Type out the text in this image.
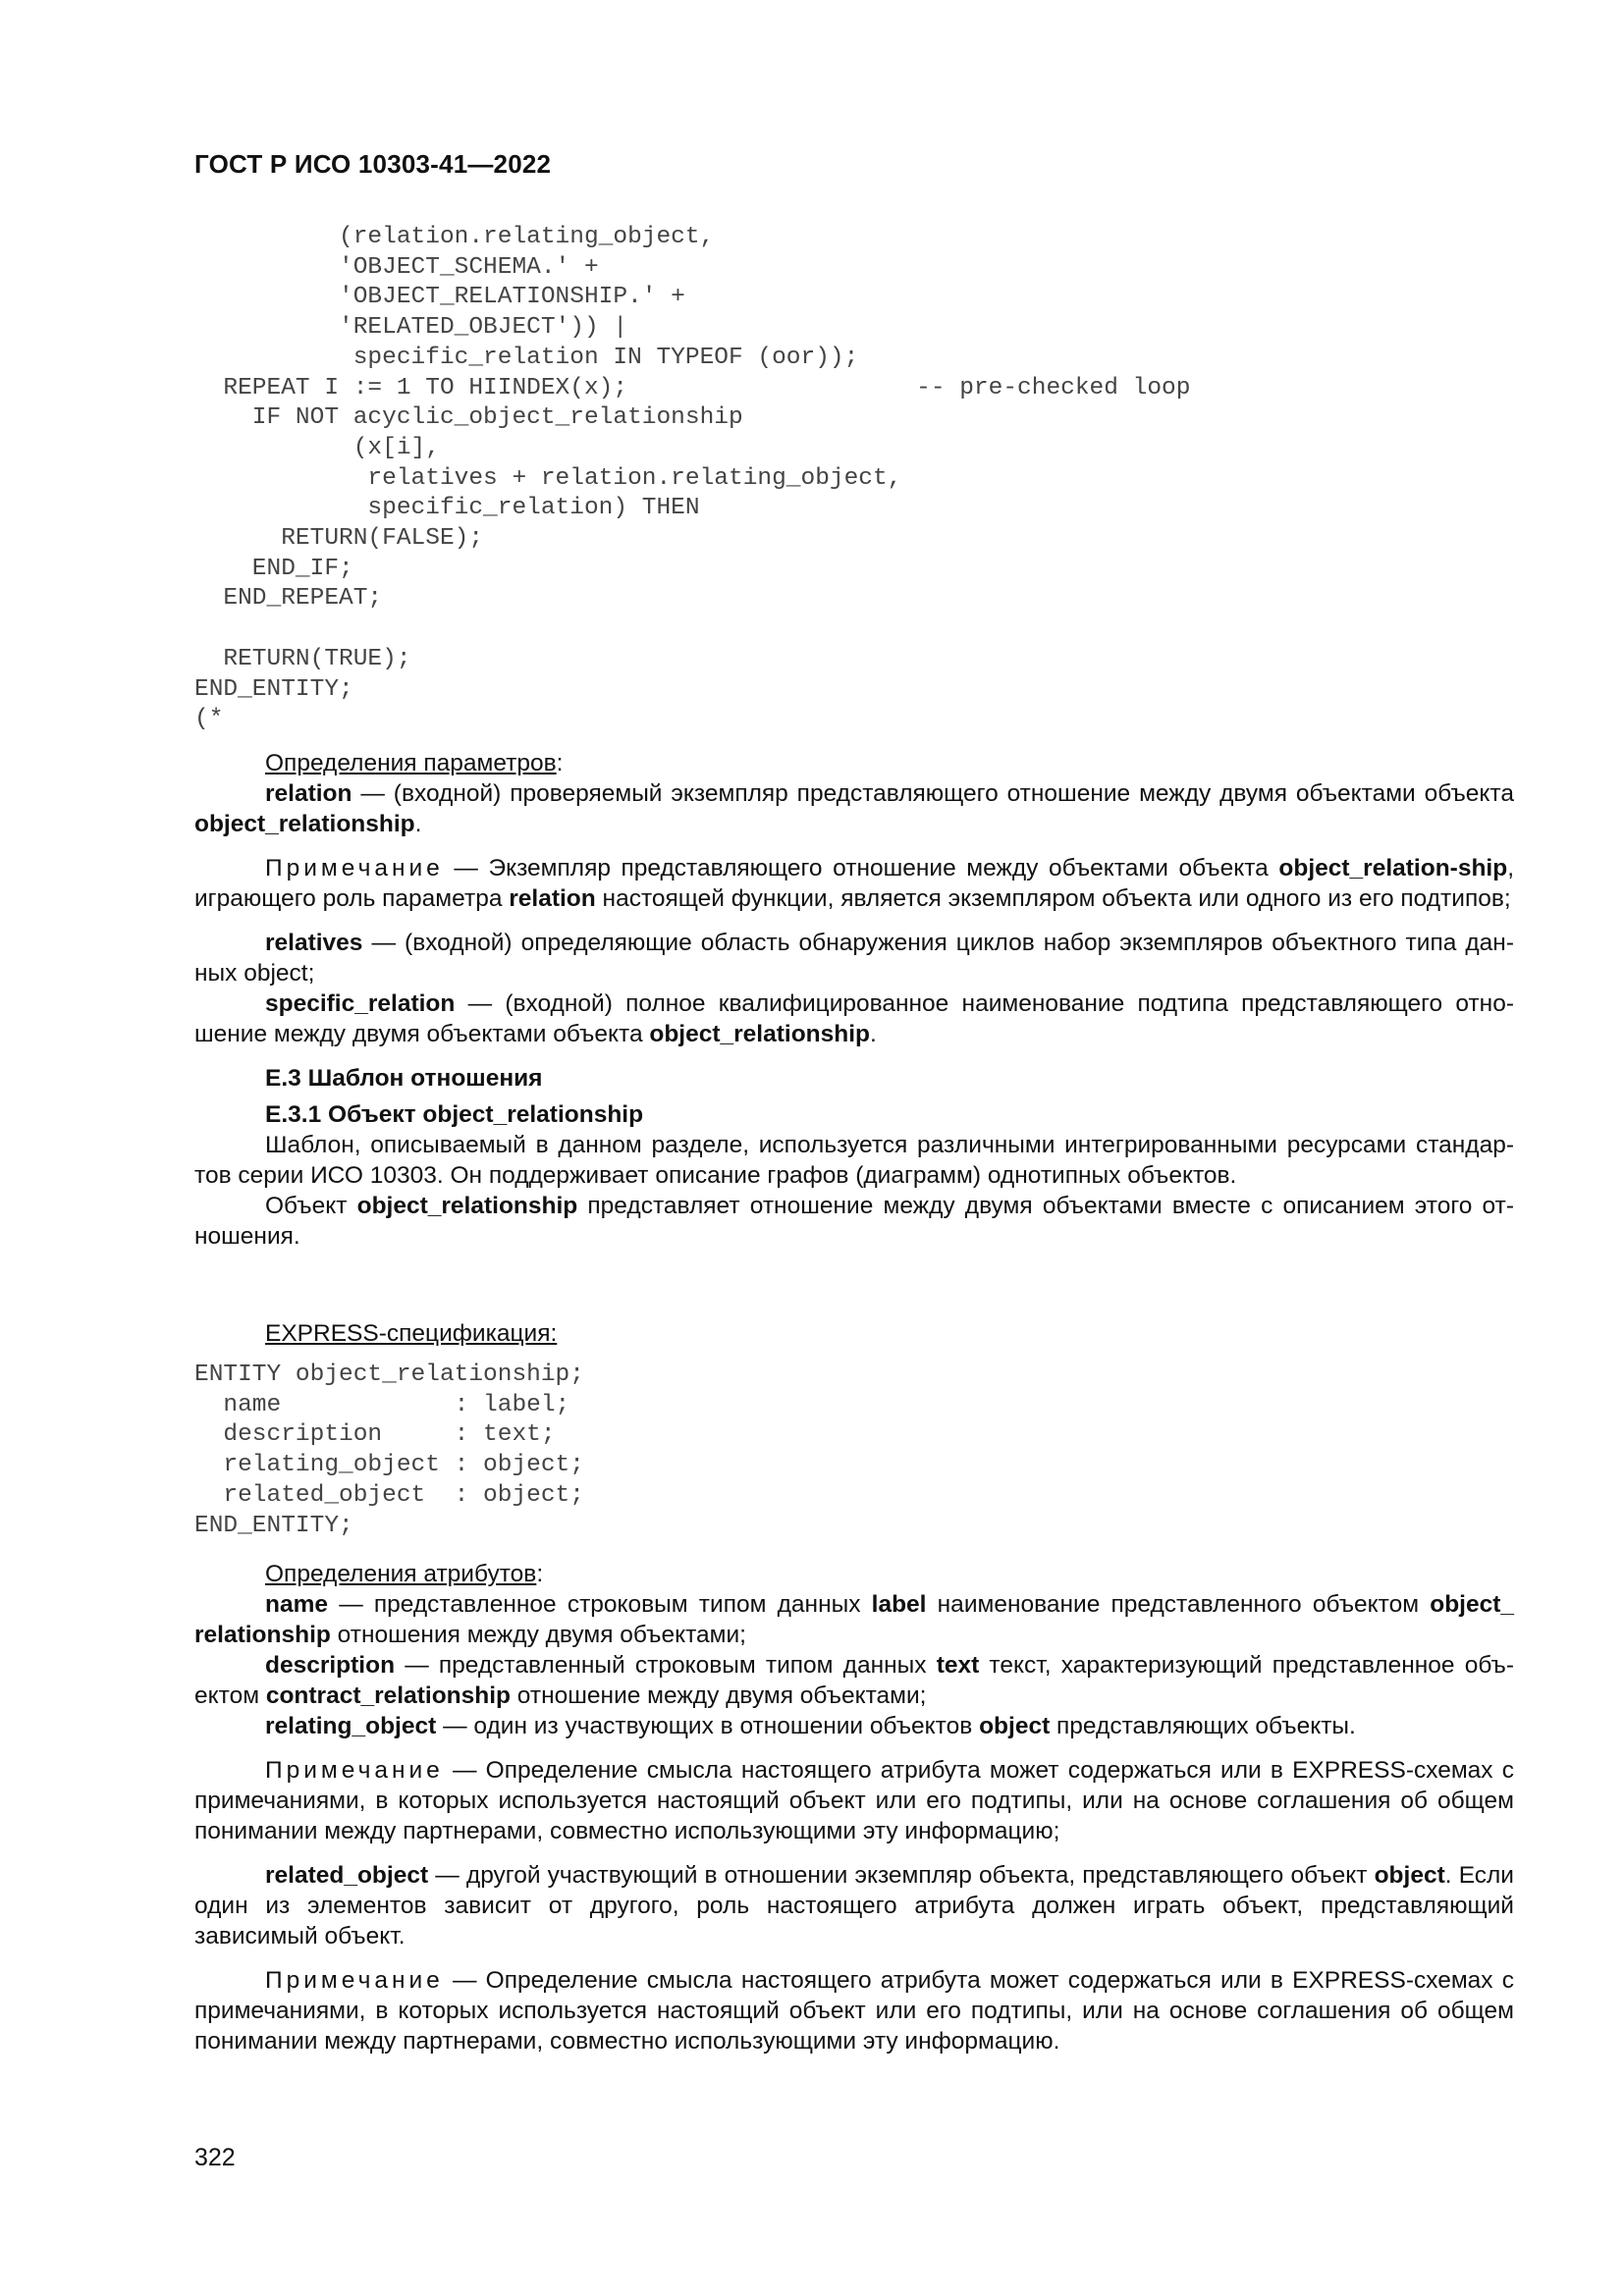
ГОСТ Р ИСО 10303-41—2022
(relation.relating_object,
'OBJECT_SCHEMA.' +
'OBJECT_RELATIONSHIP.' +
'RELATED_OBJECT')) |
specific_relation IN TYPEOF (oor));
REPEAT I := 1 TO HIINDEX(x);                    -- pre-checked loop
IF NOT acyclic_object_relationship
(x[i],
relatives + relation.relating_object,
specific_relation) THEN
RETURN(FALSE);
END_IF;
END_REPEAT;

RETURN(TRUE);
END_ENTITY;
(*

Определения параметров:

relation — (входной) проверяемый экземпляр представляющего отношение между двумя объектами объекта object_relationship.

Примечание — Экземпляр представляющего отношение между объектами объекта object_relation-ship, играющего роль параметра relation настоящей функции, является экземпляром объекта или одного из его подтипов;

relatives — (входной) определяющие область обнаружения циклов набор экземпляров объектного типа дан-ных object;

specific_relation — (входной) полное квалифицированное наименование подтипа представляющего отно-шение между двумя объектами объекта object_relationship.

E.3 Шаблон отношения

E.3.1 Объект object_relationship

Шаблон, описываемый в данном разделе, используется различными интегрированными ресурсами стандар-тов серии ИСО 10303. Он поддерживает описание графов (диаграмм) однотипных объектов.

Объект object_relationship представляет отношение между двумя объектами вместе с описанием этого от-ношения.

EXPRESS-спецификация:

ENTITY object_relationship;
name            : label;
description     : text;
relating_object : object;
related_object  : object;
END_ENTITY;

Определения атрибутов:

name — представленное строковым типом данных label наименование представленного объектом object_ relationship отношения между двумя объектами;

description — представленный строковым типом данных text текст, характеризующий представленное объ-ектом contract_relationship отношение между двумя объектами;

relating_object — один из участвующих в отношении объектов object представляющих объекты.

Примечание — Определение смысла настоящего атрибута может содержаться или в EXPRESS-схемах с примечаниями, в которых используется настоящий объект или его подтипы, или на основе соглашения об общем понимании между партнерами, совместно использующими эту информацию;

related_object — другой участвующий в отношении экземпляр объекта, представляющего объект object. Если один из элементов зависит от другого, роль настоящего атрибута должен играть объект, представляющий зависимый объект.

Примечание — Определение смысла настоящего атрибута может содержаться или в EXPRESS-схемах с примечаниями, в которых используется настоящий объект или его подтипы, или на основе соглашения об общем понимании между партнерами, совместно использующими эту информацию.

322
